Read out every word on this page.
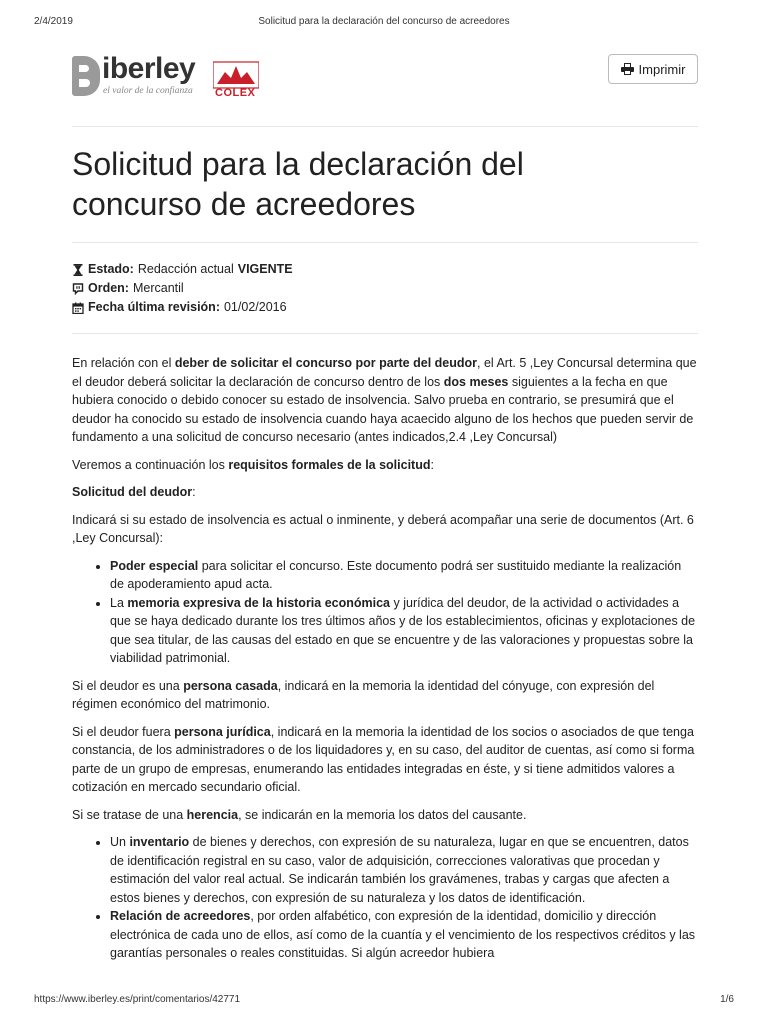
2/4/2019	Solicitud para la declaración del concurso de acreedores
iberley
el valor de la confianza COLEX
Imprimir
Solicitud para la declaración del
concurso de acreedores
Estado: Redacción actual VIGENTE
Orden: Mercantil
Fecha última revisión: 01/02/2016

En relación con el deber de solicitar el concurso por parte del deudor, el Art. 5 ,Ley Concursal determina que el deudor deberá solicitar la declaración de concurso dentro de los dos meses siguientes a la fecha en que hubiera conocido o debido conocer su estado de insolvencia. Salvo prueba en contrario, se presumirá que el deudor ha conocido su estado de insolvencia cuando haya acaecido alguno de los hechos que pueden servir de fundamento a una solicitud de concurso necesario (antes indicados,2.4 ,Ley Concursal)

Veremos a continuación los requisitos formales de la solicitud:

Solicitud del deudor:

Indicará si su estado de insolvencia es actual o inminente, y deberá acompañar una serie de documentos (Art. 6 ,Ley Concursal):

• Poder especial para solicitar el concurso. Este documento podrá ser sustituido mediante la realización de apoderamiento apud acta.
• La memoria expresiva de la historia económica y jurídica del deudor, de la actividad o actividades a que se haya dedicado durante los tres últimos años y de los establecimientos, oficinas y explotaciones de que sea titular, de las causas del estado en que se encuentre y de las valoraciones y propuestas sobre la viabilidad patrimonial.

Si el deudor es una persona casada, indicará en la memoria la identidad del cónyuge, con expresión del régimen económico del matrimonio.

Si el deudor fuera persona jurídica, indicará en la memoria la identidad de los socios o asociados de que tenga constancia, de los administradores o de los liquidadores y, en su caso, del auditor de cuentas, así como si forma parte de un grupo de empresas, enumerando las entidades integradas en éste, y si tiene admitidos valores a cotización en mercado secundario oficial.

Si se tratase de una herencia, se indicarán en la memoria los datos del causante.

• Un inventario de bienes y derechos, con expresión de su naturaleza, lugar en que se encuentren, datos de identificación registral en su caso, valor de adquisición, correcciones valorativas que procedan y estimación del valor real actual. Se indicarán también los gravámenes, trabas y cargas que afecten a estos bienes y derechos, con expresión de su naturaleza y los datos de identificación.
• Relación de acreedores, por orden alfabético, con expresión de la identidad, domicilio y dirección electrónica de cada uno de ellos, así como de la cuantía y el vencimiento de los respectivos créditos y las garantías personales o reales constituidas. Si algún acreedor hubiera
https://www.iberley.es/print/comentarios/42771	1/6
